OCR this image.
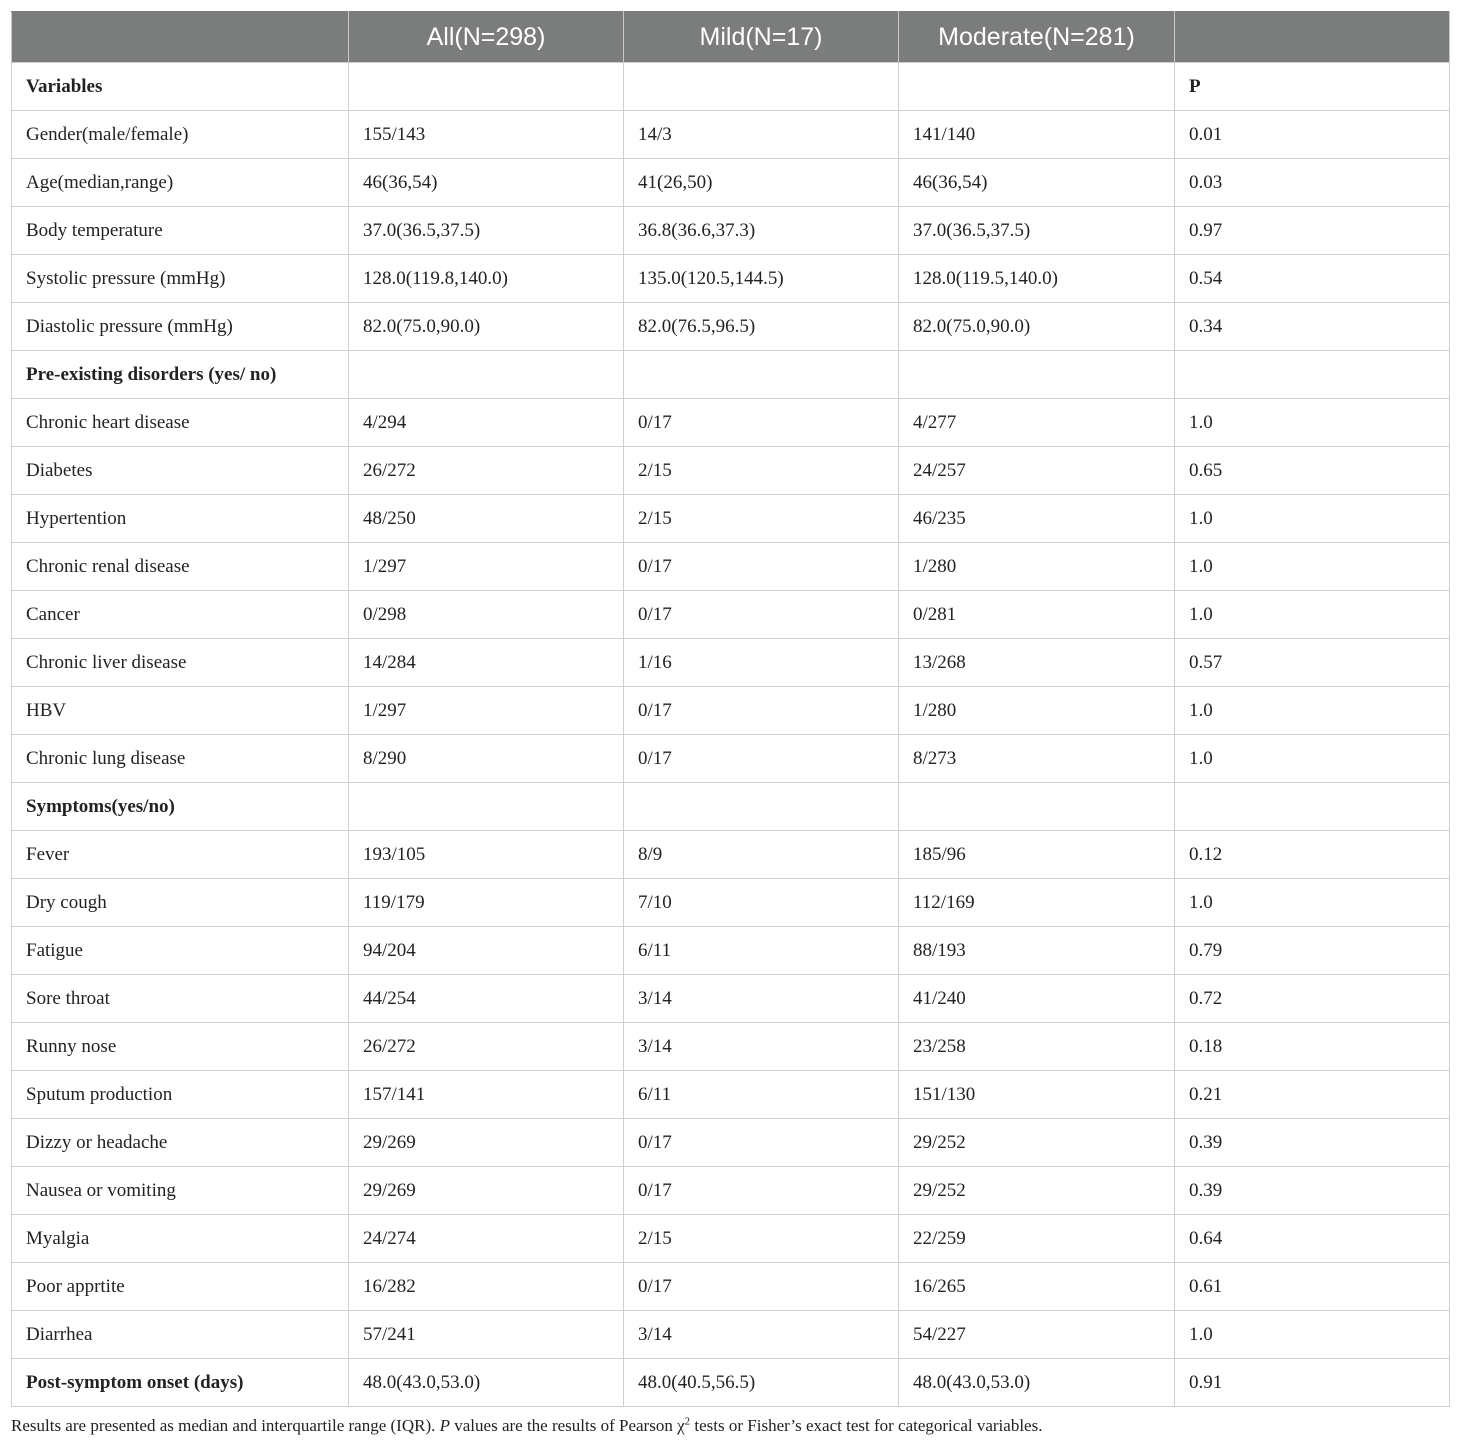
	All(N=298)	Mild(N=17)	Moderate(N=281)	
Variables				P
Gender(male/female)	155/143	14/3	141/140	0.01
Age(median,range)	46(36,54)	41(26,50)	46(36,54)	0.03
Body temperature	37.0(36.5,37.5)	36.8(36.6,37.3)	37.0(36.5,37.5)	0.97
Systolic pressure (mmHg)	128.0(119.8,140.0)	135.0(120.5,144.5)	128.0(119.5,140.0)	0.54
Diastolic pressure (mmHg)	82.0(75.0,90.0)	82.0(76.5,96.5)	82.0(75.0,90.0)	0.34
Pre-existing disorders (yes/ no)				
Chronic heart disease	4/294	0/17	4/277	1.0
Diabetes	26/272	2/15	24/257	0.65
Hypertention	48/250	2/15	46/235	1.0
Chronic renal disease	1/297	0/17	1/280	1.0
Cancer	0/298	0/17	0/281	1.0
Chronic liver disease	14/284	1/16	13/268	0.57
HBV	1/297	0/17	1/280	1.0
Chronic lung disease	8/290	0/17	8/273	1.0
Symptoms(yes/no)				
Fever	193/105	8/9	185/96	0.12
Dry cough	119/179	7/10	112/169	1.0
Fatigue	94/204	6/11	88/193	0.79
Sore throat	44/254	3/14	41/240	0.72
Runny nose	26/272	3/14	23/258	0.18
Sputum production	157/141	6/11	151/130	0.21
Dizzy or headache	29/269	0/17	29/252	0.39
Nausea or vomiting	29/269	0/17	29/252	0.39
Myalgia	24/274	2/15	22/259	0.64
Poor apprtite	16/282	0/17	16/265	0.61
Diarrhea	57/241	3/14	54/227	1.0
Post-symptom onset (days)	48.0(43.0,53.0)	48.0(40.5,56.5)	48.0(43.0,53.0)	0.91
Results are presented as median and interquartile range (IQR). P values are the results of Pearson $\chi^2$ tests or Fisher’s exact test for categorical variables.
